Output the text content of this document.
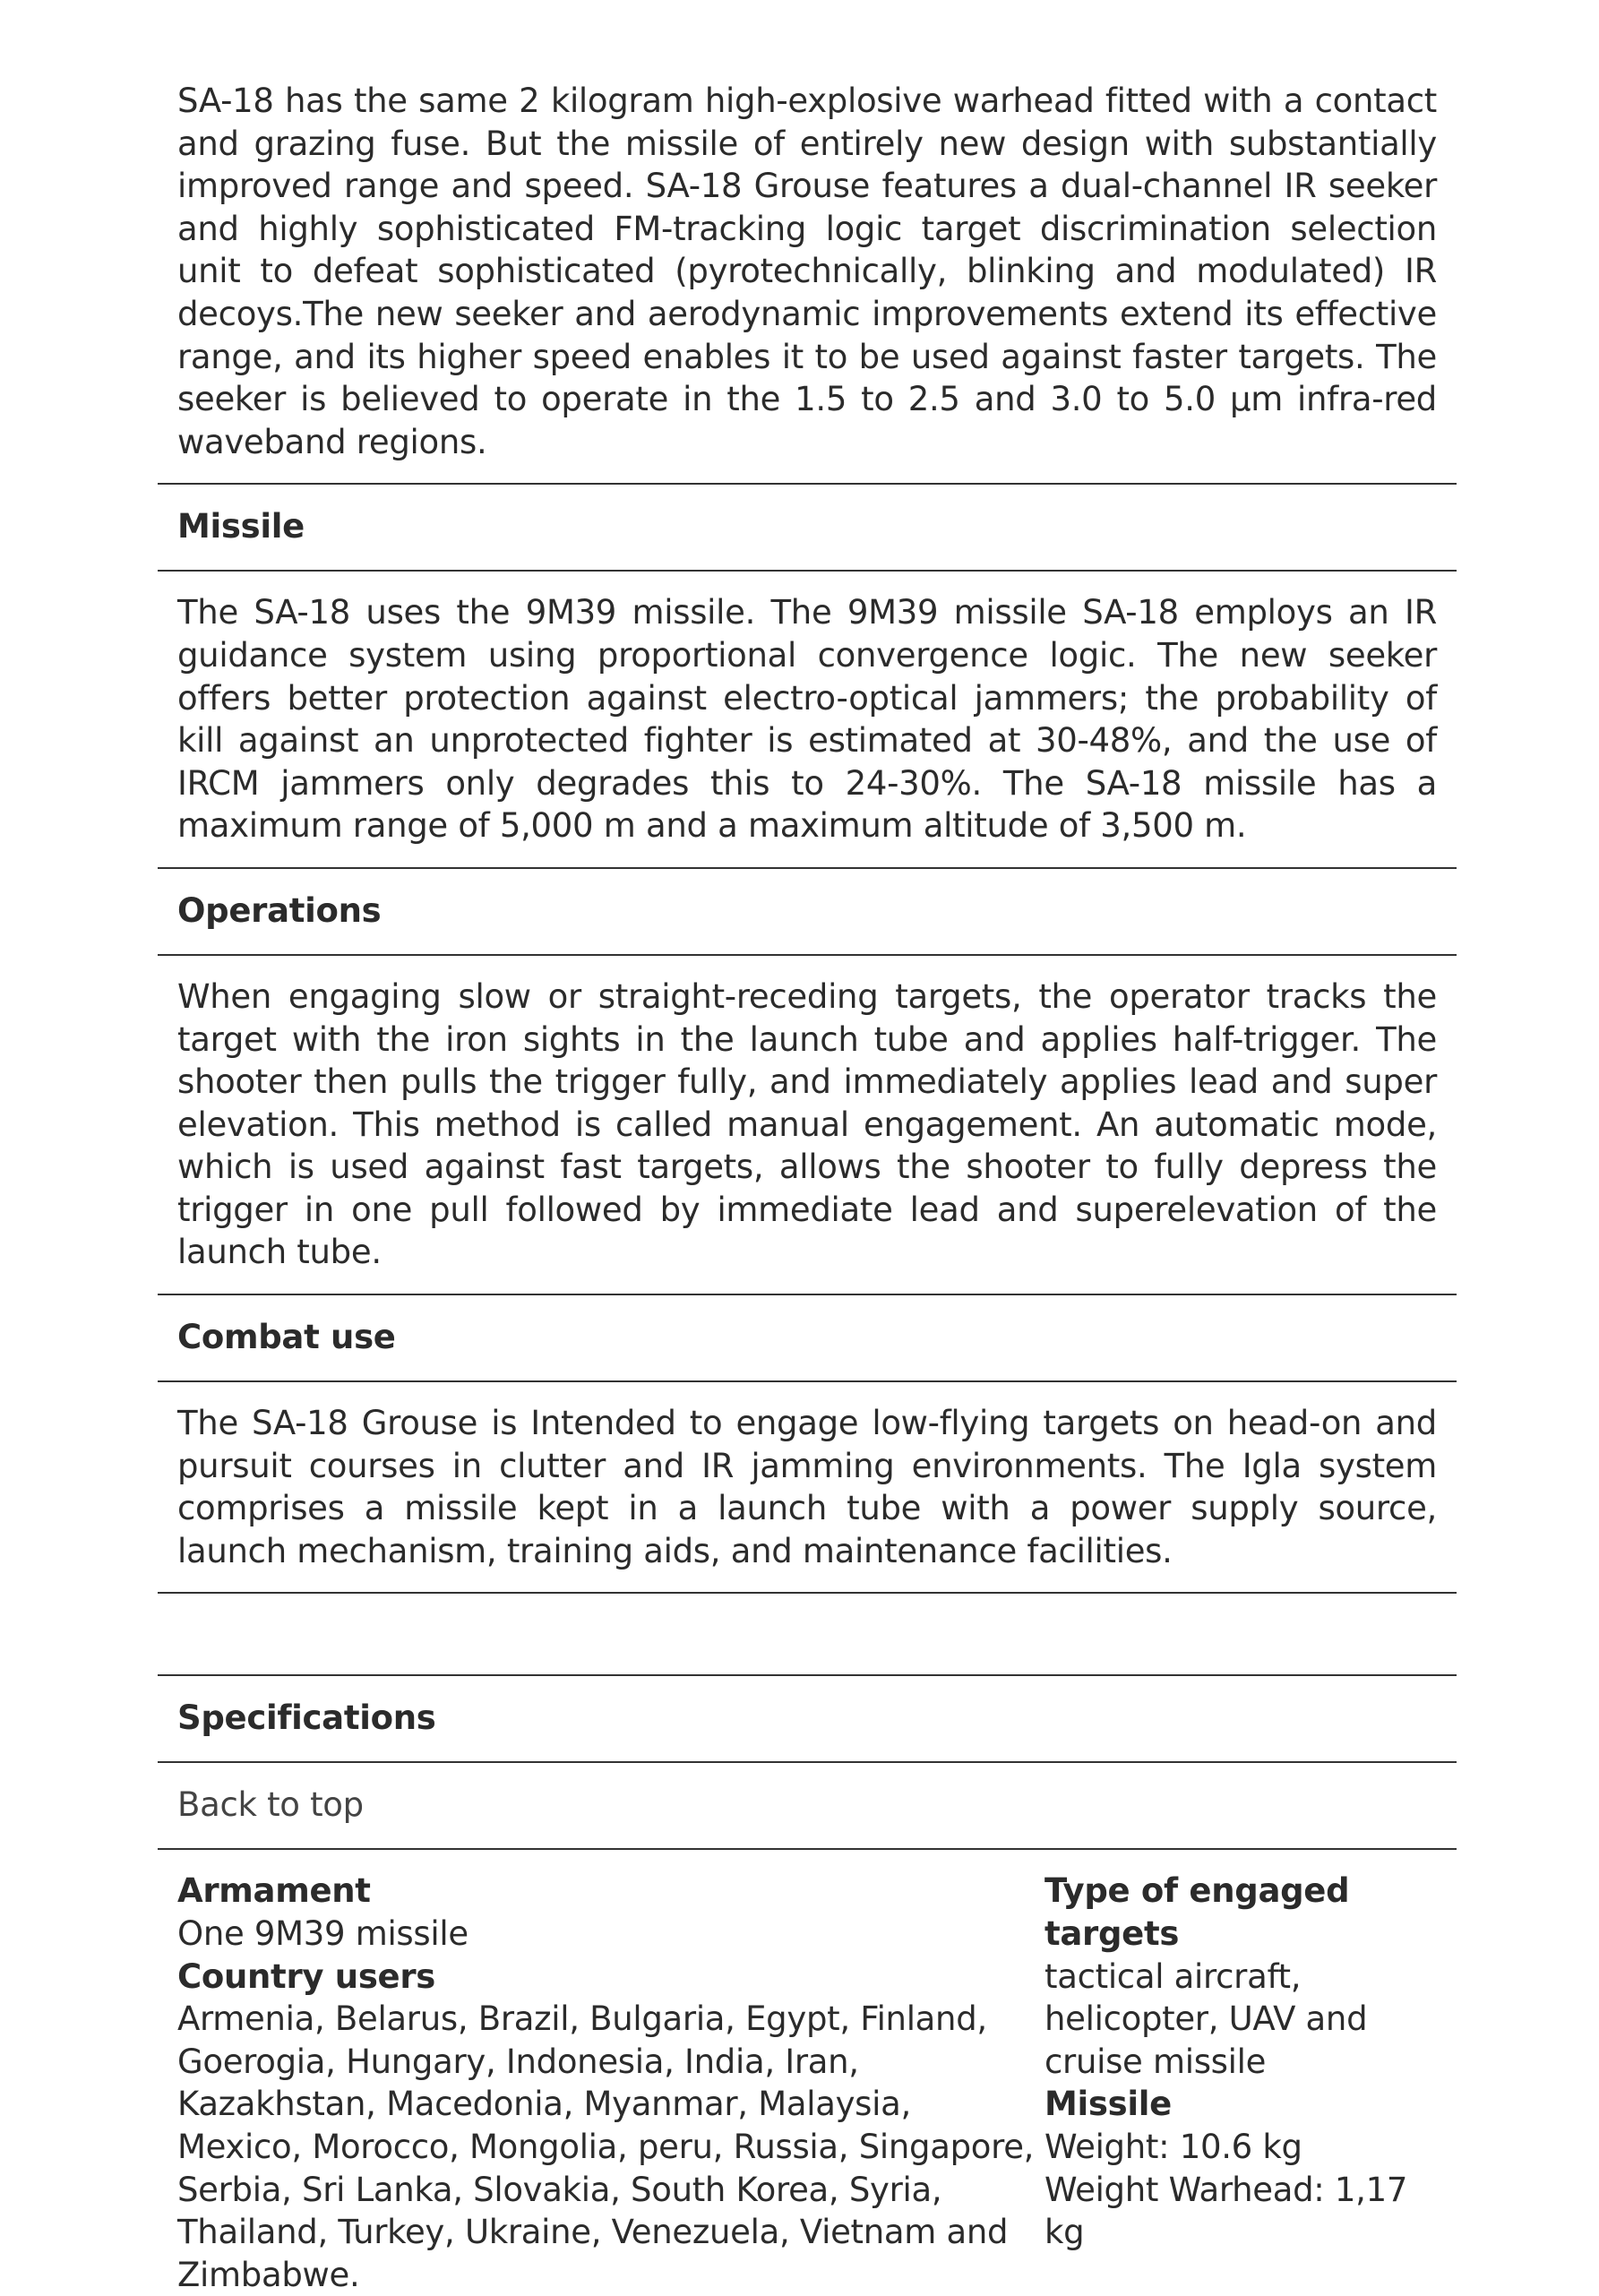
SA-18 has the same 2 kilogram high-explosive warhead fitted with a contact and grazing fuse. But the missile of entirely new design with substantially improved range and speed. SA-18 Grouse features a dual-channel IR seeker and highly sophisticated FM-tracking logic target discrimination selection unit to defeat sophisticated (pyrotechnically, blinking and modulated) IR decoys.The new seeker and aerodynamic improvements extend its effective range, and its higher speed enables it to be used against faster targets. The seeker is believed to operate in the 1.5 to 2.5 and 3.0 to 5.0 µm infra-red waveband regions.

Missile

The SA-18 uses the 9M39 missile. The 9M39 missile SA-18 employs an IR guidance system using proportional convergence logic. The new seeker offers better protection against electro-optical jammers; the probability of kill against an unprotected fighter is estimated at 30-48%, and the use of IRCM jammers only degrades this to 24-30%. The SA-18 missile has a maximum range of 5,000 m and a maximum altitude of 3,500 m.

Operations

When engaging slow or straight-receding targets, the operator tracks the target with the iron sights in the launch tube and applies half-trigger. The shooter then pulls the trigger fully, and immediately applies lead and super elevation. This method is called manual engagement. An automatic mode, which is used against fast targets, allows the shooter to fully depress the trigger in one pull followed by immediate lead and superelevation of the launch tube.

Combat use

The SA-18 Grouse is Intended to engage low-flying targets on head-on and pursuit courses in clutter and IR jamming environments. The Igla system comprises a missile kept in a launch tube with a power supply source, launch mechanism, training aids, and maintenance facilities.

Specifications
Back to top
Armament
One 9M39 missile
Country users
Armenia, Belarus, Brazil, Bulgaria, Egypt, Finland, Goerogia, Hungary, Indonesia, India, Iran, Kazakhstan, Macedonia, Myanmar, Malaysia, Mexico, Morocco, Mongolia, peru, Russia, Singapore, Serbia, Sri Lanka, Slovakia, South Korea, Syria, Thailand, Turkey, Ukraine, Venezuela, Vietnam and Zimbabwe.
Type of engaged targets
tactical aircraft, helicopter, UAV and cruise missile
Missile
Weight: 10.6 kg
Weight Warhead: 1,17 kg
